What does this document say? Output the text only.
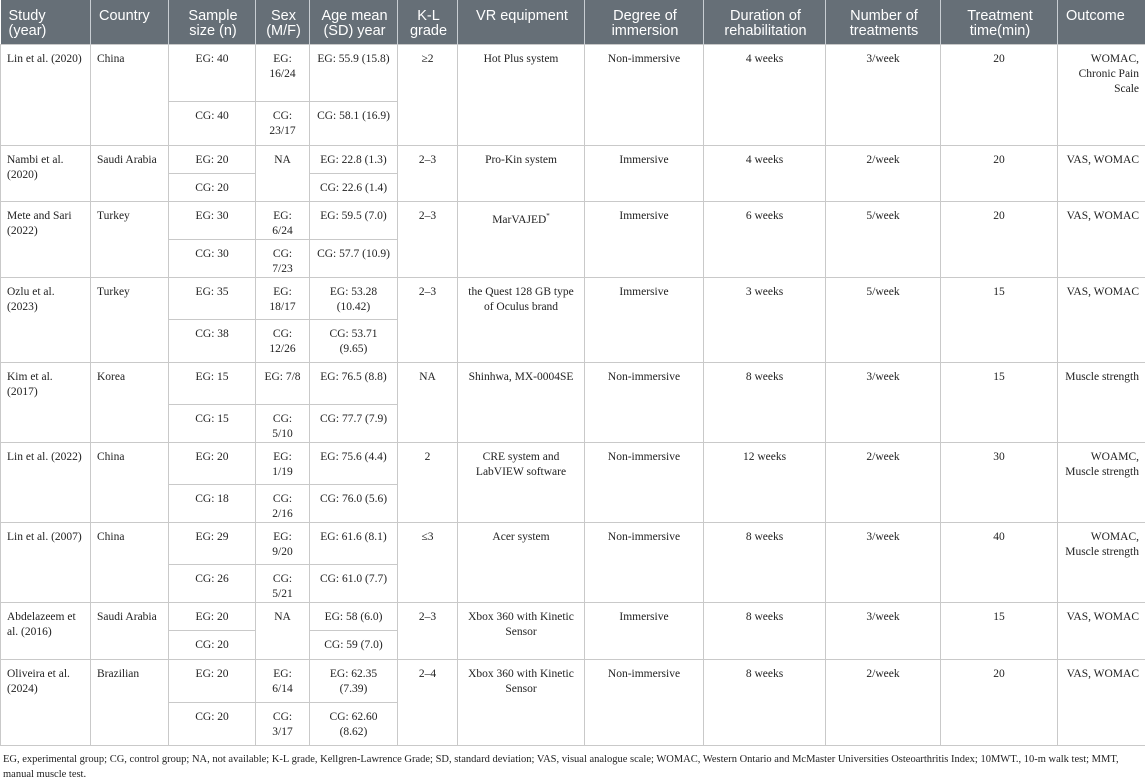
Study (year)	Country	Sample size (n)	Sex (M/F)	Age mean (SD) year	K-L grade	VR equipment	Degree of immersion	Duration of rehabilitation	Number of treatments	Treatment time(min)	Outcome
Lin et al. (2020)	China	EG: 40	EG: 16/24	EG: 55.9 (15.8)	≥2	Hot Plus system	Non-immersive	4 weeks	3/week	20	WOMAC, Chronic Pain Scale
		CG: 40	CG: 23/17	CG: 58.1 (16.9)							
Nambi et al. (2020)	Saudi Arabia	EG: 20	NA	EG: 22.8 (1.3)	2–3	Pro-Kin system	Immersive	4 weeks	2/week	20	VAS, WOMAC
		CG: 20		CG: 22.6 (1.4)							
Mete and Sari (2022)	Turkey	EG: 30	EG: 6/24	EG: 59.5 (7.0)	2–3	MarVAJED*	Immersive	6 weeks	5/week	20	VAS, WOMAC
		CG: 30	CG: 7/23	CG: 57.7 (10.9)							
Ozlu et al. (2023)	Turkey	EG: 35	EG: 18/17	EG: 53.28 (10.42)	2–3	the Quest 128 GB type of Oculus brand	Immersive	3 weeks	5/week	15	VAS, WOMAC
		CG: 38	CG: 12/26	CG: 53.71 (9.65)							
Kim et al. (2017)	Korea	EG: 15	EG: 7/8	EG: 76.5 (8.8)	NA	Shinhwa, MX-0004SE	Non-immersive	8 weeks	3/week	15	Muscle strength
		CG: 15	CG: 5/10	CG: 77.7 (7.9)							
Lin et al. (2022)	China	EG: 20	EG: 1/19	EG: 75.6 (4.4)	2	CRE system and LabVIEW software	Non-immersive	12 weeks	2/week	30	WOAMC, Muscle strength
		CG: 18	CG: 2/16	CG: 76.0 (5.6)							
Lin et al. (2007)	China	EG: 29	EG: 9/20	EG: 61.6 (8.1)	≤3	Acer system	Non-immersive	8 weeks	3/week	40	WOMAC, Muscle strength
		CG: 26	CG: 5/21	CG: 61.0 (7.7)							
Abdelazeem et al. (2016)	Saudi Arabia	EG: 20	NA	EG: 58 (6.0)	2–3	Xbox 360 with Kinetic Sensor	Immersive	8 weeks	3/week	15	VAS, WOMAC
		CG: 20		CG: 59 (7.0)							
Oliveira et al. (2024)	Brazilian	EG: 20	EG: 6/14	EG: 62.35 (7.39)	2–4	Xbox 360 with Kinetic Sensor	Non-immersive	8 weeks	2/week	20	VAS, WOMAC
		CG: 20	CG: 3/17	CG: 62.60 (8.62)							
EG, experimental group; CG, control group; NA, not available; K-L grade, Kellgren-Lawrence Grade; SD, standard deviation; VAS, visual analogue scale; WOMAC, Western Ontario and McMaster Universities Osteoarthritis Index; 10MWT., 10-m walk test; MMT, manual muscle test.
